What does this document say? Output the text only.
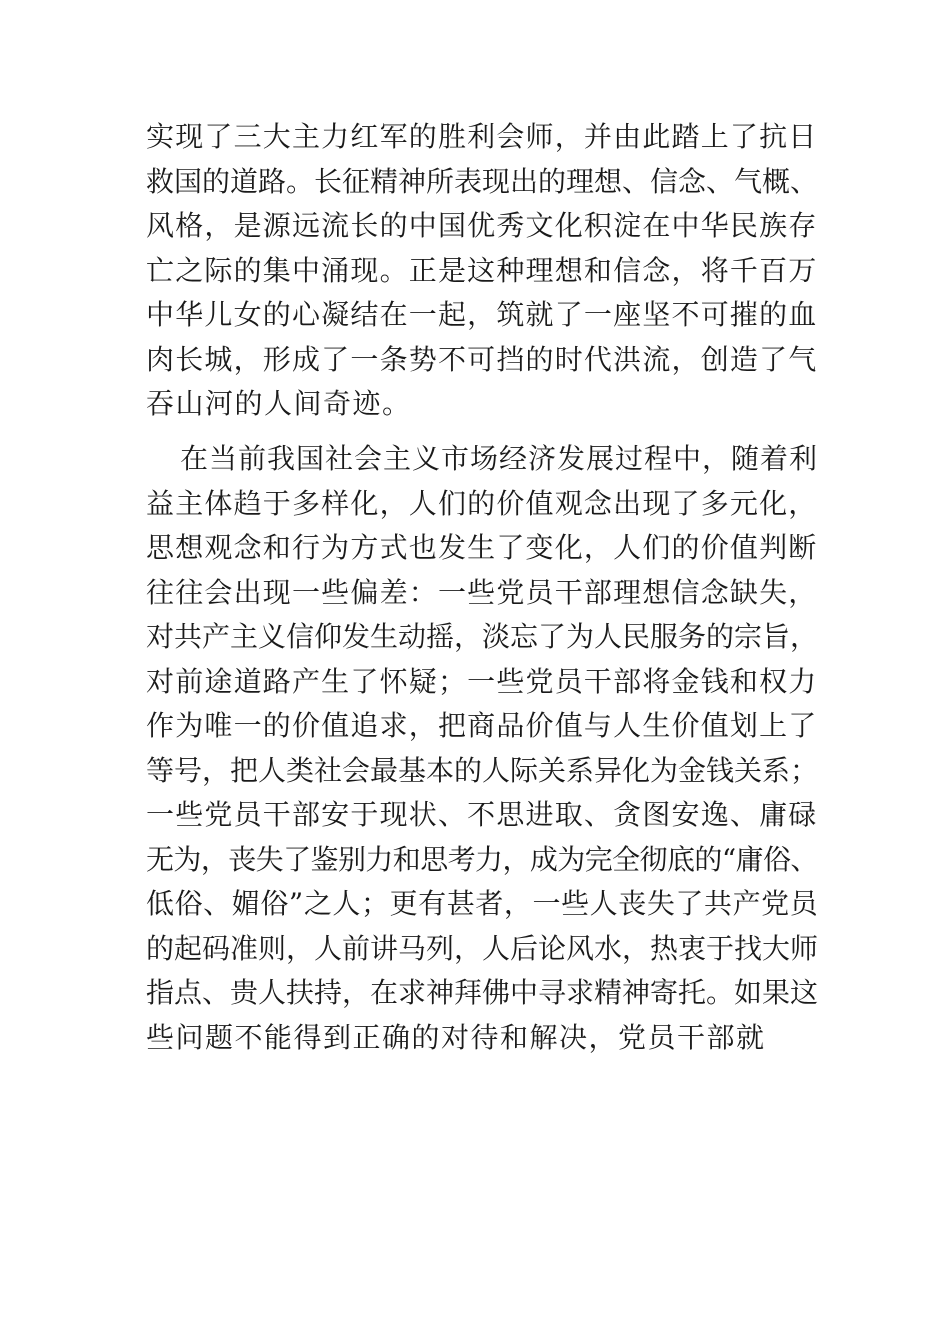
实现了三大主力红军的胜利会师，并由此踏上了抗日
救国的道路。长征精神所表现出的理想、信念、气概、
风格，是源远流长的中国优秀文化积淀在中华民族存
亡之际的集中涌现。正是这种理想和信念，将千百万
中华儿女的心凝结在一起，筑就了一座坚不可摧的血
肉长城，形成了一条势不可挡的时代洪流，创造了气
吞山河的人间奇迹。
在当前我国社会主义市场经济发展过程中，随着利
益主体趋于多样化，人们的价值观念出现了多元化，
思想观念和行为方式也发生了变化，人们的价值判断
往往会出现一些偏差：一些党员干部理想信念缺失，
对共产主义信仰发生动摇，淡忘了为人民服务的宗旨，
对前途道路产生了怀疑；一些党员干部将金钱和权力
作为唯一的价值追求，把商品价值与人生价值划上了
等号，把人类社会最基本的人际关系异化为金钱关系；
一些党员干部安于现状、不思进取、贪图安逸、庸碌
无为，丧失了鉴别力和思考力，成为完全彻底的“庸俗、
低俗、媚俗”之人；更有甚者，一些人丧失了共产党员
的起码准则，人前讲马列，人后论风水，热衷于找大师
指点、贵人扶持，在求神拜佛中寻求精神寄托。如果这
些问题不能得到正确的对待和解决，党员干部就
